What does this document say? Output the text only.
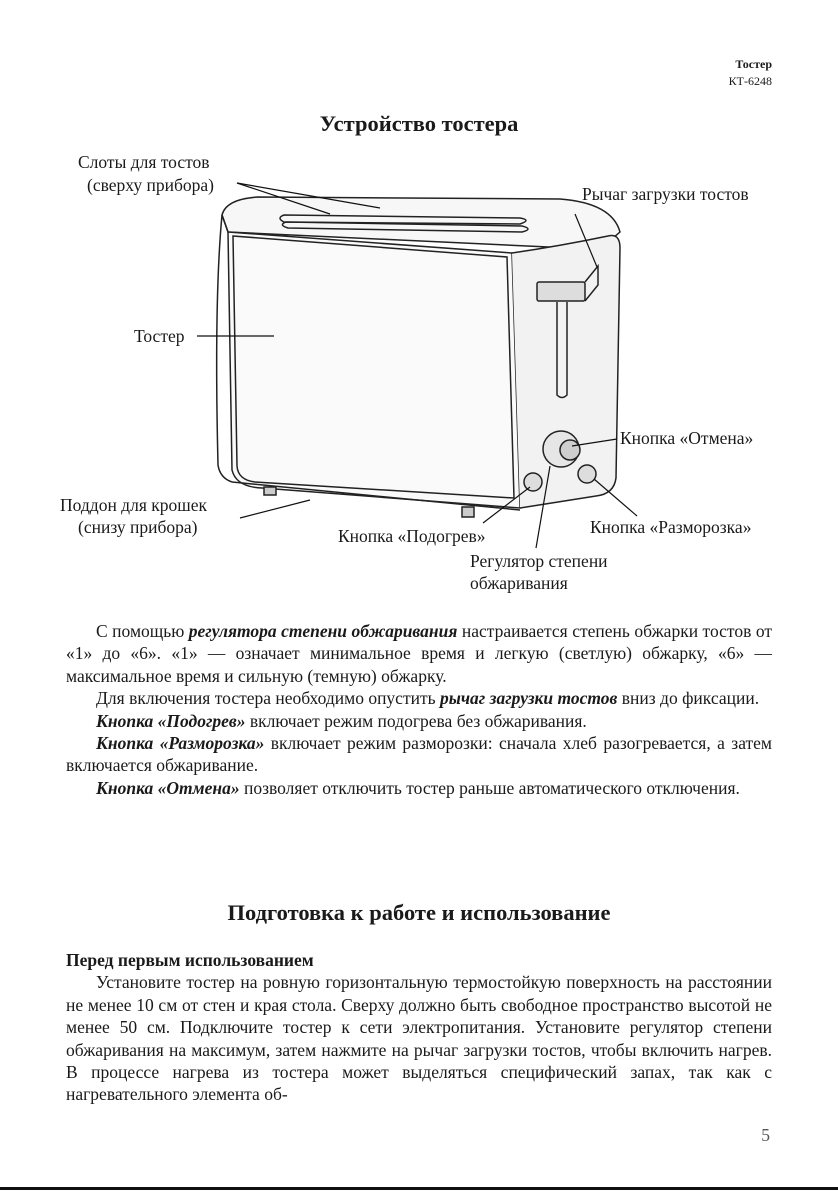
Тостер
КТ-6248
Устройство тостера
Слоты для тостов
(сверху прибора)	Рычаг загрузки тостов
Тостер
Кнопка «Отмена»
Поддон для крошек
(снизу прибора)	Кнопка «Подогрев»	Кнопка «Разморозка»
Регулятор степени
обжаривания

С помощью регулятора степени обжаривания настраивается степень обжарки тостов от «1» до «6». «1» — означает минимальное время и легкую (светлую) обжарку, «6» — максимальное время и сильную (темную) обжарку.

Для включения тостера необходимо опустить рычаг загрузки тостов вниз до фиксации.

Кнопка «Подогрев» включает режим подогрева без обжаривания.

Кнопка «Разморозка» включает режим разморозки: сначала хлеб разогревается, а затем включается обжаривание.

Кнопка «Отмена» позволяет отключить тостер раньше автоматического отключения.

Подготовка к работе и использование

Перед первым использованием

Установите тостер на ровную горизонтальную термостойкую поверхность на расстоянии не менее 10 см от стен и края стола. Сверху должно быть свободное пространство высотой не менее 50 см. Подключите тостер к сети электропитания. Установите регулятор степени обжаривания на максимум, затем нажмите на рычаг загрузки тостов, чтобы включить нагрев. В процессе нагрева из тостера может выделяться специфический запах, так как с нагревательного элемента об-

5
